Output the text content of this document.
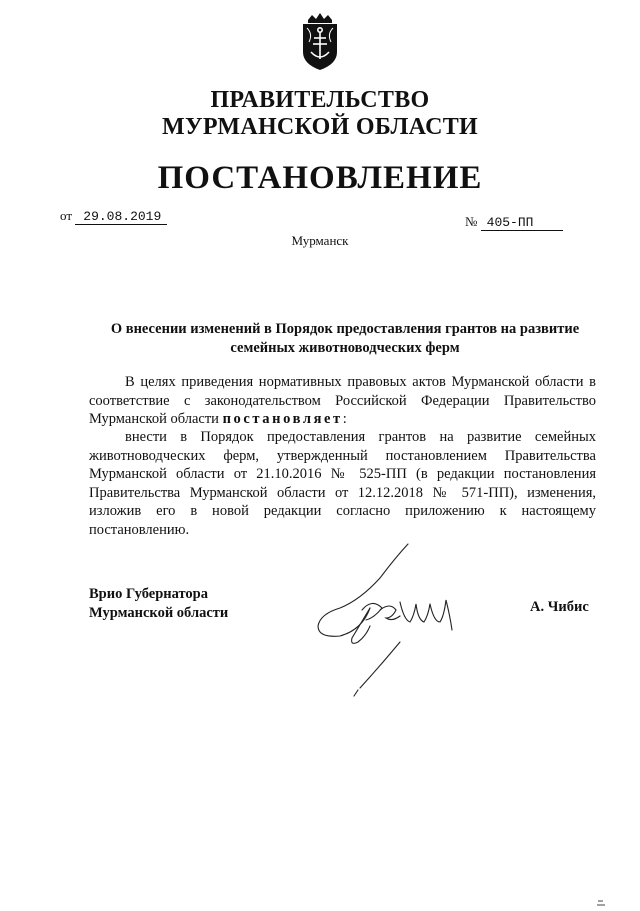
ПРАВИТЕЛЬСТВО
МУРМАНСКОЙ ОБЛАСТИ
ПОСТАНОВЛЕНИЕ
от 29.08.2019	№ 405-ПП
Мурманск
О внесении изменений в Порядок предоставления грантов на развитие семейных животноводческих ферм
В целях приведения нормативных правовых актов Мурманской области в соответствие с законодательством Российской Федерации Правительство Мурманской области постановляет:
внести в Порядок предоставления грантов на развитие семейных животноводческих ферм, утвержденный постановлением Правительства Мурманской области от 21.10.2016 № 525-ПП (в редакции постановления Правительства Мурманской области от 12.12.2018 № 571-ПП), изменения, изложив его в новой редакции согласно приложению к настоящему постановлению.
Врио Губернатора
Мурманской области	А. Чибис
